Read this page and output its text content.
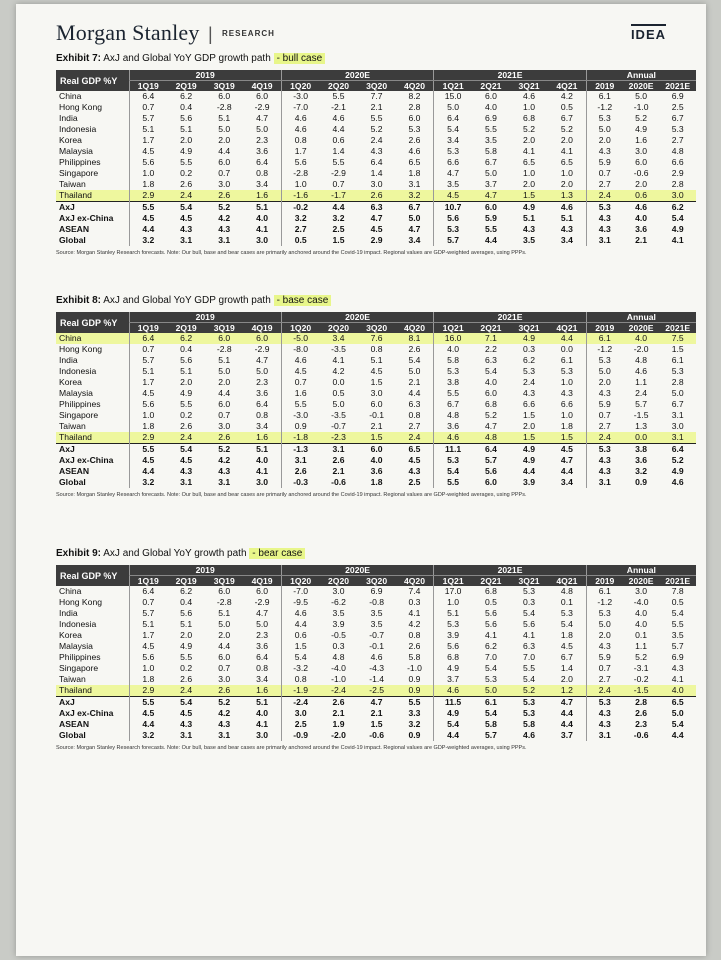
Morgan Stanley | RESEARCH	IDEA
Exhibit 7: AxJ and Global YoY GDP growth path - bull case
Real GDP %Y	2019				2020E				2021E				Annual		
	1Q19	2Q19	3Q19	4Q19	1Q20	2Q20	3Q20	4Q20	1Q21	2Q21	3Q21	4Q21	2019	2020E	2021E
China	6.4	6.2	6.0	6.0	-3.0	5.5	7.7	8.2	15.0	6.0	4.6	4.2	6.1	5.0	6.9
Hong Kong	0.7	0.4	-2.8	-2.9	-7.0	-2.1	2.1	2.8	5.0	4.0	1.0	0.5	-1.2	-1.0	2.5
India	5.7	5.6	5.1	4.7	4.6	4.6	5.5	6.0	6.4	6.9	6.8	6.7	5.3	5.2	6.7
Indonesia	5.1	5.1	5.0	5.0	4.6	4.4	5.2	5.3	5.4	5.5	5.2	5.2	5.0	4.9	5.3
Korea	1.7	2.0	2.0	2.3	0.8	0.6	2.4	2.6	3.4	3.5	2.0	2.0	2.0	1.6	2.7
Malaysia	4.5	4.9	4.4	3.6	1.7	1.4	4.3	4.6	5.3	5.8	4.1	4.1	4.3	3.0	4.8
Philippines	5.6	5.5	6.0	6.4	5.6	5.5	6.4	6.5	6.6	6.7	6.5	6.5	5.9	6.0	6.6
Singapore	1.0	0.2	0.7	0.8	-2.8	-2.9	1.4	1.8	4.7	5.0	1.0	1.0	0.7	-0.6	2.9
Taiwan	1.8	2.6	3.0	3.4	1.0	0.7	3.0	3.1	3.5	3.7	2.0	2.0	2.7	2.0	2.8
Thailand	2.9	2.4	2.6	1.6	-1.6	-1.7	2.6	3.2	4.5	4.7	1.5	1.3	2.4	0.6	3.0
AxJ	5.5	5.4	5.2	5.1	-0.2	4.4	6.3	6.7	10.7	6.0	4.9	4.6	5.3	4.6	6.2
AxJ ex-China	4.5	4.5	4.2	4.0	3.2	3.2	4.7	5.0	5.6	5.9	5.1	5.1	4.3	4.0	5.4
ASEAN	4.4	4.3	4.3	4.1	2.7	2.5	4.5	4.7	5.3	5.5	4.3	4.3	4.3	3.6	4.9
Global	3.2	3.1	3.1	3.0	0.5	1.5	2.9	3.4	5.7	4.4	3.5	3.4	3.1	2.1	4.1
Source: Morgan Stanley Research forecasts. Note: Our bull, base and bear cases are primarily anchored around the Covid-19 impact. Regional values are GDP-weighted averages, using PPPs.
Exhibit 8: AxJ and Global YoY GDP growth path - base case
Real GDP %Y	2019				2020E				2021E				Annual		
	1Q19	2Q19	3Q19	4Q19	1Q20	2Q20	3Q20	4Q20	1Q21	2Q21	3Q21	4Q21	2019	2020E	2021E
China	6.4	6.2	6.0	6.0	-5.0	3.4	7.6	8.1	16.0	7.1	4.9	4.4	6.1	4.0	7.5
Hong Kong	0.7	0.4	-2.8	-2.9	-8.0	-3.5	0.8	2.6	4.0	2.2	0.3	0.0	-1.2	-2.0	1.5
India	5.7	5.6	5.1	4.7	4.6	4.1	5.1	5.4	5.8	6.3	6.2	6.1	5.3	4.8	6.1
Indonesia	5.1	5.1	5.0	5.0	4.5	4.2	4.5	5.0	5.3	5.4	5.3	5.3	5.0	4.6	5.3
Korea	1.7	2.0	2.0	2.3	0.7	0.0	1.5	2.1	3.8	4.0	2.4	1.0	2.0	1.1	2.8
Malaysia	4.5	4.9	4.4	3.6	1.6	0.5	3.0	4.4	5.5	6.0	4.3	4.3	4.3	2.4	5.0
Philippines	5.6	5.5	6.0	6.4	5.5	5.0	6.0	6.3	6.7	6.8	6.6	6.6	5.9	5.7	6.7
Singapore	1.0	0.2	0.7	0.8	-3.0	-3.5	-0.1	0.8	4.8	5.2	1.5	1.0	0.7	-1.5	3.1
Taiwan	1.8	2.6	3.0	3.4	0.9	-0.7	2.1	2.7	3.6	4.7	2.0	1.8	2.7	1.3	3.0
Thailand	2.9	2.4	2.6	1.6	-1.8	-2.3	1.5	2.4	4.6	4.8	1.5	1.5	2.4	0.0	3.1
AxJ	5.5	5.4	5.2	5.1	-1.3	3.1	6.0	6.5	11.1	6.4	4.9	4.5	5.3	3.8	6.4
AxJ ex-China	4.5	4.5	4.2	4.0	3.1	2.6	4.0	4.5	5.3	5.7	4.9	4.7	4.3	3.6	5.2
ASEAN	4.4	4.3	4.3	4.1	2.6	2.1	3.6	4.3	5.4	5.6	4.4	4.4	4.3	3.2	4.9
Global	3.2	3.1	3.1	3.0	-0.3	-0.6	1.8	2.5	5.5	6.0	3.9	3.4	3.1	0.9	4.6
Source: Morgan Stanley Research forecasts. Note: Our bull, base and bear cases are primarily anchored around the Covid-19 impact. Regional values are GDP-weighted averages, using PPPs.
Exhibit 9: AxJ and Global YoY growth path - bear case
Real GDP %Y	2019				2020E				2021E				Annual		
	1Q19	2Q19	3Q19	4Q19	1Q20	2Q20	3Q20	4Q20	1Q21	2Q21	3Q21	4Q21	2019	2020E	2021E
China	6.4	6.2	6.0	6.0	-7.0	3.0	6.9	7.4	17.0	6.8	5.3	4.8	6.1	3.0	7.8
Hong Kong	0.7	0.4	-2.8	-2.9	-9.5	-6.2	-0.8	0.3	1.0	0.5	0.3	0.1	-1.2	-4.0	0.5
India	5.7	5.6	5.1	4.7	4.6	3.5	3.5	4.1	5.1	5.6	5.4	5.3	5.3	4.0	5.4
Indonesia	5.1	5.1	5.0	5.0	4.4	3.9	3.5	4.2	5.3	5.6	5.6	5.4	5.0	4.0	5.5
Korea	1.7	2.0	2.0	2.3	0.6	-0.5	-0.7	0.8	3.9	4.1	4.1	1.8	2.0	0.1	3.5
Malaysia	4.5	4.9	4.4	3.6	1.5	0.3	-0.1	2.6	5.6	6.2	6.3	4.5	4.3	1.1	5.7
Philippines	5.6	5.5	6.0	6.4	5.4	4.8	4.6	5.8	6.8	7.0	7.0	6.7	5.9	5.2	6.9
Singapore	1.0	0.2	0.7	0.8	-3.2	-4.0	-4.3	-1.0	4.9	5.4	5.5	1.4	0.7	-3.1	4.3
Taiwan	1.8	2.6	3.0	3.4	0.8	-1.0	-1.4	0.9	3.7	5.3	5.4	2.0	2.7	-0.2	4.1
Thailand	2.9	2.4	2.6	1.6	-1.9	-2.4	-2.5	0.9	4.6	5.0	5.2	1.2	2.4	-1.5	4.0
AxJ	5.5	5.4	5.2	5.1	-2.4	2.6	4.7	5.5	11.5	6.1	5.3	4.7	5.3	2.8	6.5
AxJ ex-China	4.5	4.5	4.2	4.0	3.0	2.1	2.1	3.3	4.9	5.4	5.3	4.4	4.3	2.6	5.0
ASEAN	4.4	4.3	4.3	4.1	2.5	1.9	1.5	3.2	5.4	5.8	5.8	4.4	4.3	2.3	5.4
Global	3.2	3.1	3.1	3.0	-0.9	-2.0	-0.6	0.9	4.4	5.7	4.6	3.7	3.1	-0.6	4.4
Source: Morgan Stanley Research forecasts. Note: Our bull, base and bear cases are primarily anchored around the Covid-19 impact. Regional values are GDP-weighted averages, using PPPs.
